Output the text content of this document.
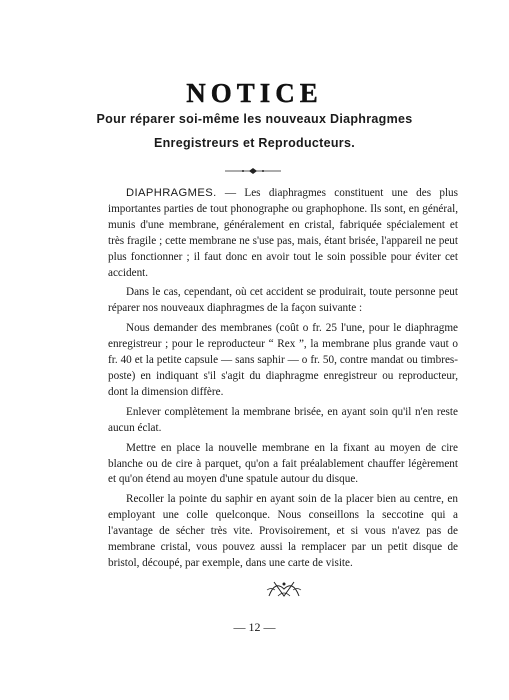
NOTICE
Pour réparer soi-même les nouveaux Diaphragmes
Enregistreurs et Reproducteurs.

DIAPHRAGMES. — Les diaphragmes constituent une des plus importantes parties de tout phonographe ou graphophone. Ils sont, en général, munis d'une membrane, généralement en cristal, fabriquée spécialement et très fragile ; cette membrane ne s'use pas, mais, étant brisée, l'appareil ne peut plus fonctionner ; il faut donc en avoir tout le soin possible pour éviter cet accident.

Dans le cas, cependant, où cet accident se produirait, toute personne peut réparer nos nouveaux diaphragmes de la façon suivante :

Nous demander des membranes (coût o fr. 25 l'une, pour le diaphragme enregistreur ; pour le reproducteur “ Rex ”, la membrane plus grande vaut o fr. 40 et la petite capsule — sans saphir — o fr. 50, contre mandat ou timbres-poste) en indiquant s'il s'agit du diaphragme enregistreur ou reproducteur, dont la dimension diffère.

Enlever complètement la membrane brisée, en ayant soin qu'il n'en reste aucun éclat.

Mettre en place la nouvelle membrane en la fixant au moyen de cire blanche ou de cire à parquet, qu'on a fait préalablement chauffer légèrement et qu'on étend au moyen d'une spatule autour du disque.

Recoller la pointe du saphir en ayant soin de la placer bien au centre, en employant une colle quelconque. Nous conseillons la seccotine qui a l'avantage de sécher très vite. Provisoirement, et si vous n'avez pas de membrane cristal, vous pouvez aussi la remplacer par un petit disque de bristol, découpé, par exemple, dans une carte de visite.

— 12 —
